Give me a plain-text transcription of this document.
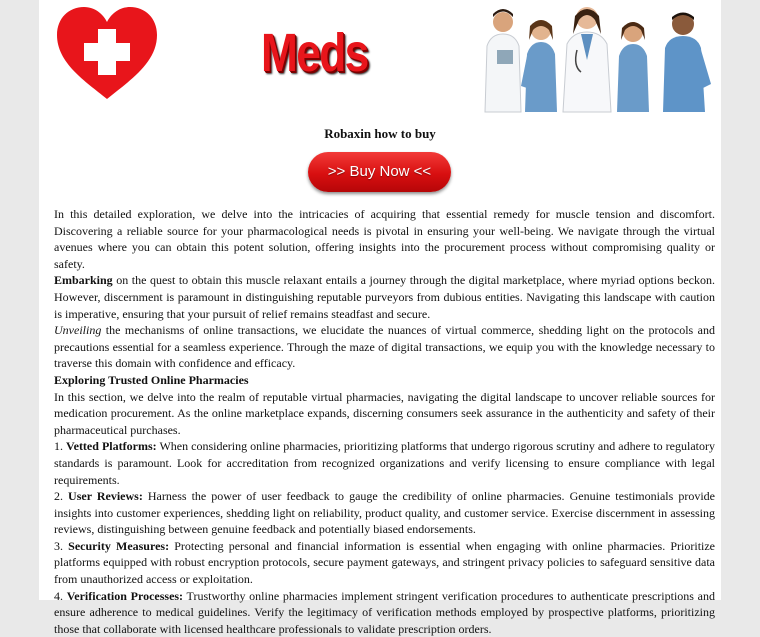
Meds
Robaxin how to buy
>> Buy Now <<

In this detailed exploration, we delve into the intricacies of acquiring that essential remedy for muscle tension and discomfort. Discovering a reliable source for your pharmacological needs is pivotal in ensuring your well-being. We navigate through the virtual avenues where you can obtain this potent solution, offering insights into the procurement process without compromising quality or safety.

Embarking on the quest to obtain this muscle relaxant entails a journey through the digital marketplace, where myriad options beckon. However, discernment is paramount in distinguishing reputable purveyors from dubious entities. Navigating this landscape with caution is imperative, ensuring that your pursuit of relief remains steadfast and secure.

Unveiling the mechanisms of online transactions, we elucidate the nuances of virtual commerce, shedding light on the protocols and precautions essential for a seamless experience. Through the maze of digital transactions, we equip you with the knowledge necessary to traverse this domain with confidence and efficacy.

Exploring Trusted Online Pharmacies

In this section, we delve into the realm of reputable virtual pharmacies, navigating the digital landscape to uncover reliable sources for medication procurement. As the online marketplace expands, discerning consumers seek assurance in the authenticity and safety of their pharmaceutical purchases.

1. Vetted Platforms: When considering online pharmacies, prioritizing platforms that undergo rigorous scrutiny and adhere to regulatory standards is paramount. Look for accreditation from recognized organizations and verify licensing to ensure compliance with legal requirements.

2. User Reviews: Harness the power of user feedback to gauge the credibility of online pharmacies. Genuine testimonials provide insights into customer experiences, shedding light on reliability, product quality, and customer service. Exercise discernment in assessing reviews, distinguishing between genuine feedback and potentially biased endorsements.

3. Security Measures: Protecting personal and financial information is essential when engaging with online pharmacies. Prioritize platforms equipped with robust encryption protocols, secure payment gateways, and stringent privacy policies to safeguard sensitive data from unauthorized access or exploitation.

4. Verification Processes: Trustworthy online pharmacies implement stringent verification procedures to authenticate prescriptions and ensure adherence to medical guidelines. Verify the legitimacy of verification methods employed by prospective platforms, prioritizing those that collaborate with licensed healthcare professionals to validate prescription orders.
